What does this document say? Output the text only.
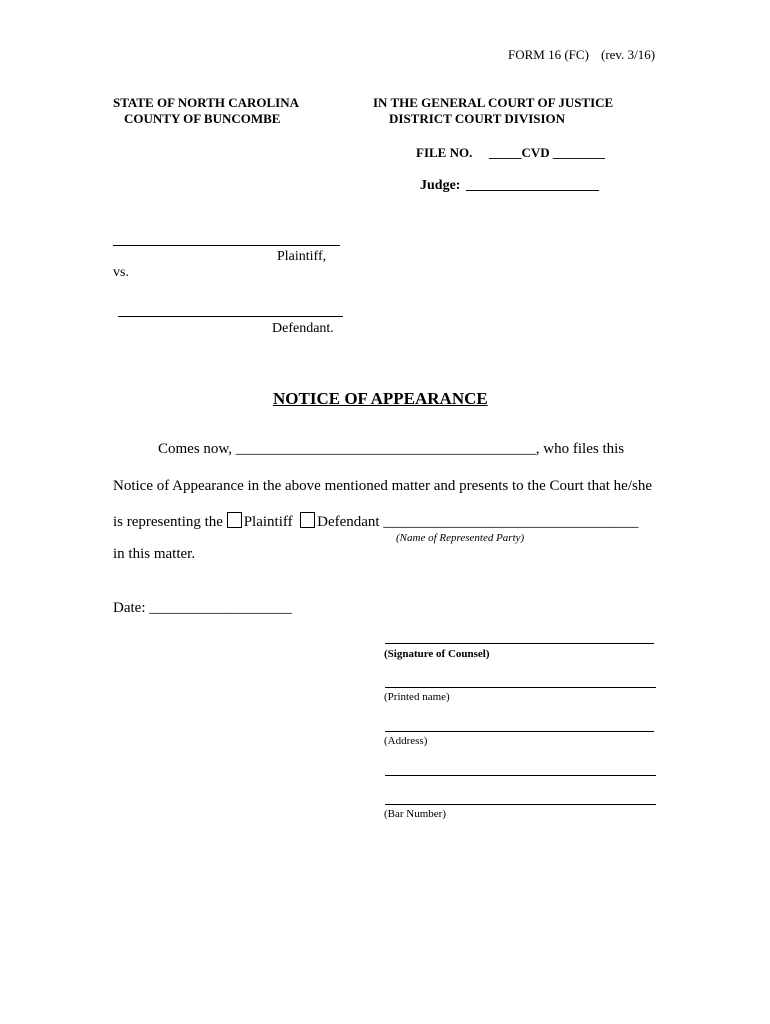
FORM 16 (FC) (rev. 3/16)
STATE OF NORTH CAROLINA
COUNTY OF BUNCOMBE
IN THE GENERAL COURT OF JUSTICE
DISTRICT COURT DIVISION
FILE NO. _____CVD ________
Judge: ___________________
Plaintiff,
vs.
Defendant.
NOTICE OF APPEARANCE
Comes now, ________________________________________, who files this
Notice of Appearance in the above mentioned matter and presents to the Court that he/she
is representing the Plaintiff Defendant __________________________________
(Name of Represented Party)
in this matter.
Date: ___________________
(Signature of Counsel)
(Printed name)
(Address)
(Bar Number)
